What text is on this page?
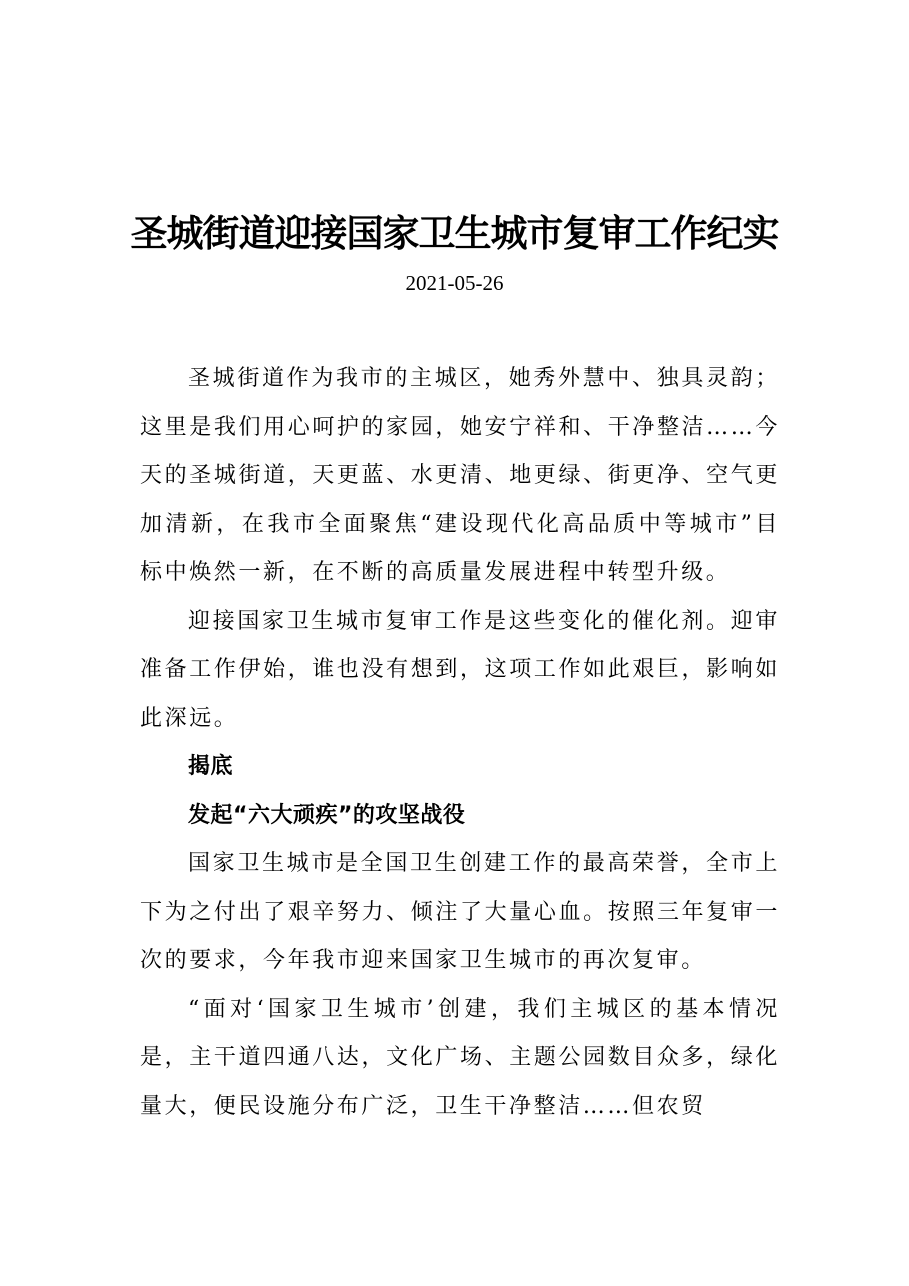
圣城街道迎接国家卫生城市复审工作纪实
2021-05-26

圣城街道作为我市的主城区，她秀外慧中、独具灵韵；这里是我们用心呵护的家园，她安宁祥和、干净整洁……今天的圣城街道，天更蓝、水更清、地更绿、街更净、空气更加清新，在我市全面聚焦“建设现代化高品质中等城市”目标中焕然一新，在不断的高质量发展进程中转型升级。

迎接国家卫生城市复审工作是这些变化的催化剂。迎审准备工作伊始，谁也没有想到，这项工作如此艰巨，影响如此深远。

揭底

发起“六大顽疾”的攻坚战役

国家卫生城市是全国卫生创建工作的最高荣誉，全市上下为之付出了艰辛努力、倾注了大量心血。按照三年复审一次的要求，今年我市迎来国家卫生城市的再次复审。

“面对‘国家卫生城市’创建，我们主城区的基本情况是，主干道四通八达，文化广场、主题公园数目众多，绿化量大，便民设施分布广泛，卫生干净整洁……但农贸
